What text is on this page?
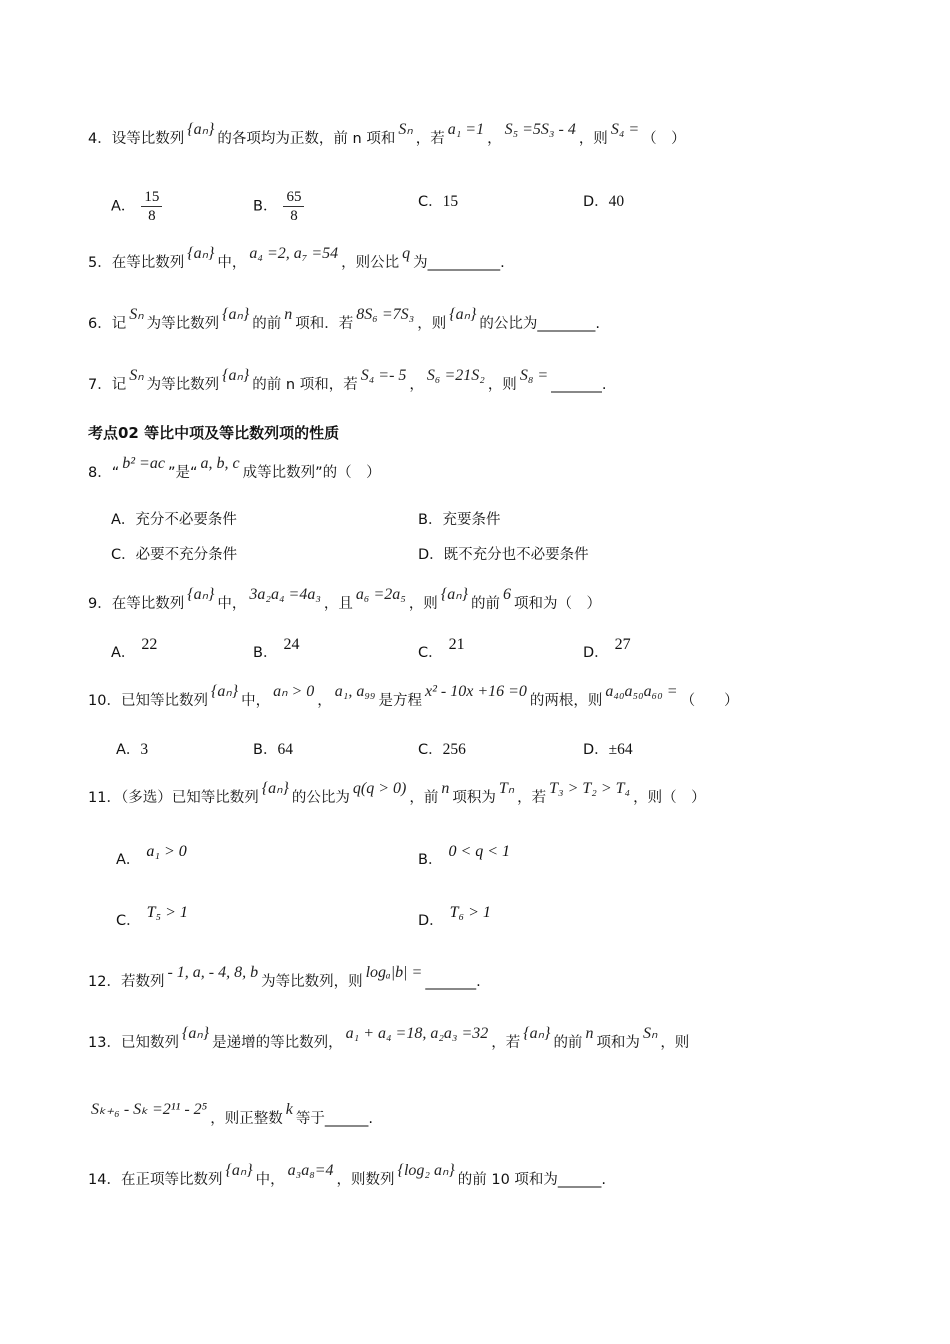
4．设等比数列{aₙ}的各项均为正数，前 n 项和Sₙ，若a₁ =1，S₅ =5S₃ - 4，则S₄ =（　）
A． $\frac{15}{8}$	B． $\frac{65}{8}$	C．15	D．40
5．在等比数列{aₙ}中，a₄ =2, a₇ =54，则公比q为__________.
6．记Sₙ为等比数列{aₙ}的前n项和．若8S₆ =7S₃，则{aₙ}的公比为________.
7．记Sₙ为等比数列{aₙ}的前 n 项和，若S₄ =- 5，S₆ =21S₂，则S₈ =_______.
考点02 等比中项及等比数列项的性质
8．“b² =ac”是“a, b, c成等比数列”的（　）
A．充分不必要条件	B．充要条件
C．必要不充分条件	D．既不充分也不必要条件
9．在等比数列{aₙ}中，3a₂a₄ =4a₃，且a₆ =2a₅，则{aₙ}的前6项和为（　）
A． 22	B． 24	C． 21	D． 27
10．已知等比数列{aₙ}中，aₙ > 0，a₁, a₉₉是方程x² - 10x +16 =0的两根，则a₄₀a₅₀a₆₀ =（　　）
A．3	B．64	C．256	D．±64
11．（多选）已知等比数列{aₙ}的公比为q(q > 0)，前n项积为Tₙ，若T₃ > T₂ > T₄，则（　）
A． a₁ > 0	B． 0 < q < 1
C． T₅ > 1	D． T₆ > 1
12．若数列- 1, a, - 4, 8, b为等比数列，则logₐ|b| =_______.
13．已知数列{aₙ}是递增的等比数列，a₁ + a₄ =18, a₂a₃ =32，若{aₙ}的前n项和为Sₙ，则
Sₖ₊₆ - Sₖ =2¹¹ - 2⁵，则正整数k等于______.
14．在正项等比数列{aₙ}中，a₃a₈=4，则数列{log₂ aₙ}的前 10 项和为______.
